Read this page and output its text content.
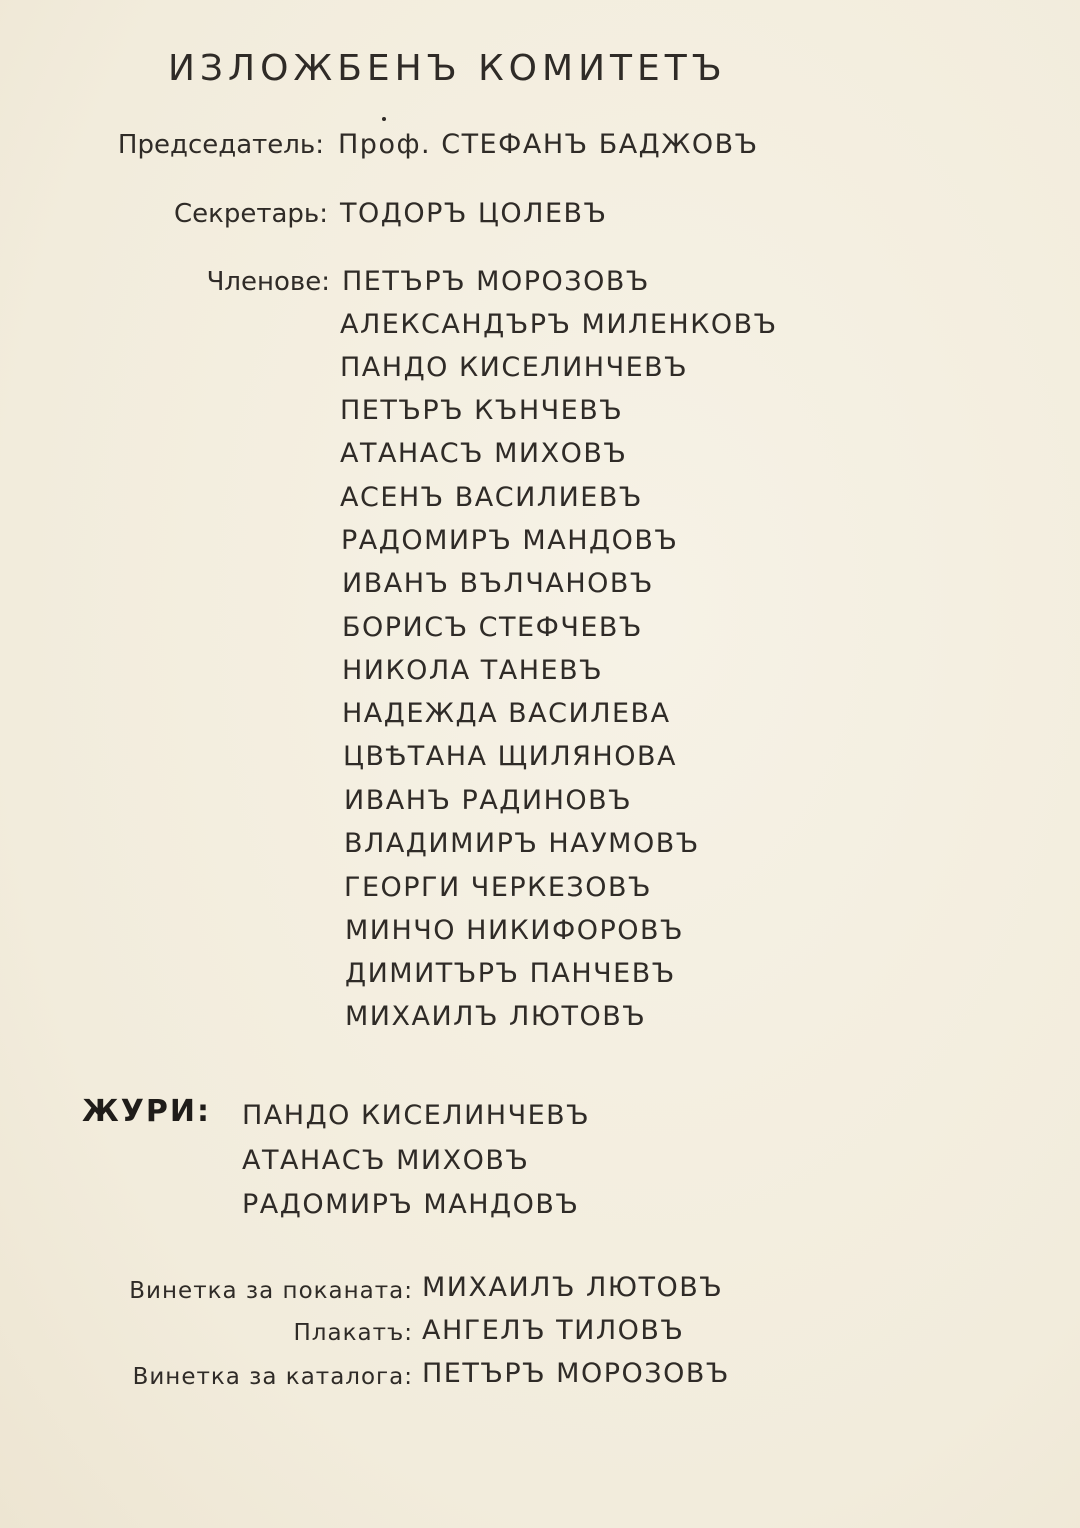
ИЗЛОЖБЕНЪ КОМИТЕТЪ
Председатель: Проф. СТЕФАНЪ БАДЖОВЪ
Секретарь: ТОДОРЪ ЦОЛЕВЪ
Членове: ПЕТЪРЪ МОРОЗОВЪ
АЛЕКСАНДЪРЪ МИЛЕНКОВЪ
ПАНДО КИСЕЛИНЧЕВЪ
ПЕТЪРЪ КЪНЧЕВЪ
АТАНАСЪ МИХОВЪ
АСЕНЪ ВАСИЛИЕВЪ
РАДОМИРЪ МАНДОВЪ
ИВАНЪ ВЪЛЧАНОВЪ
БОРИСЪ СТЕФЧЕВЪ
НИКОЛА ТАНЕВЪ
НАДЕЖДА ВАСИЛЕВА
ЦВѢТАНА ЩИЛЯНОВА
ИВАНЪ РАДИНОВЪ
ВЛАДИМИРЪ НАУМОВЪ
ГЕОРГИ ЧЕРКЕЗОВЪ
МИНЧО НИКИФОРОВЪ
ДИМИТЪРЪ ПАНЧЕВЪ
МИХАИЛЪ ЛЮТОВЪ
ЖУРИ: ПАНДО КИСЕЛИНЧЕВЪ
АТАНАСЪ МИХОВЪ
РАДОМИРЪ МАНДОВЪ
Винетка за поканата: МИХАИЛЪ ЛЮТОВЪ
Плакатъ: АНГЕЛЪ ТИЛОВЪ
Винетка за каталога: ПЕТЪРЪ МОРОЗОВЪ
